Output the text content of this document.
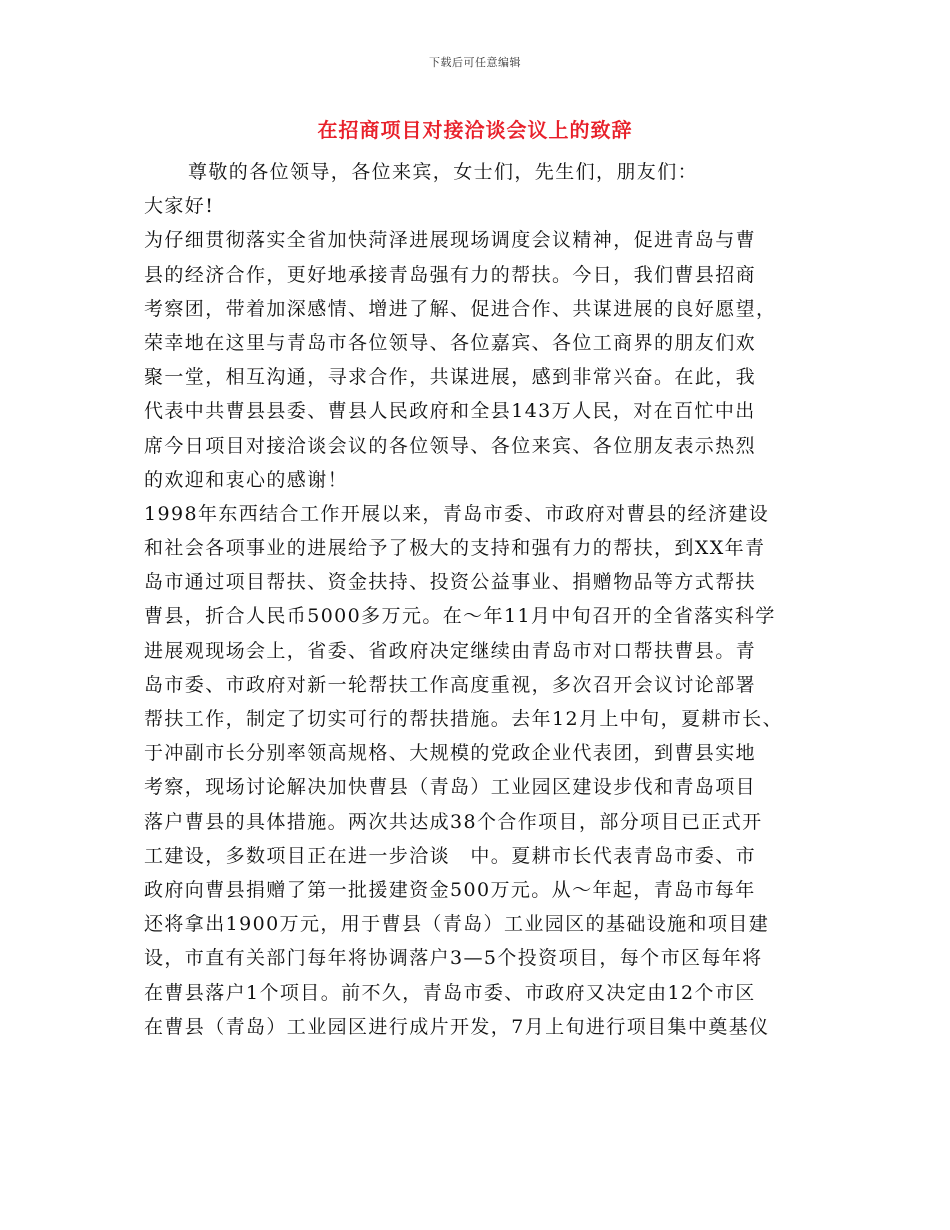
下载后可任意编辑
在招商项目对接洽谈会议上的致辞
尊敬的各位领导，各位来宾，女士们，先生们，朋友们：
大家好!
为仔细贯彻落实全省加快菏泽进展现场调度会议精神，促进青岛与曹
县的经济合作，更好地承接青岛强有力的帮扶。今日，我们曹县招商
考察团，带着加深感情、增进了解、促进合作、共谋进展的良好愿望，
荣幸地在这里与青岛市各位领导、各位嘉宾、各位工商界的朋友们欢
聚一堂，相互沟通，寻求合作，共谋进展，感到非常兴奋。在此，我
代表中共曹县县委、曹县人民政府和全县143万人民，对在百忙中出
席今日项目对接洽谈会议的各位领导、各位来宾、各位朋友表示热烈
的欢迎和衷心的感谢！
1998年东西结合工作开展以来，青岛市委、市政府对曹县的经济建设
和社会各项事业的进展给予了极大的支持和强有力的帮扶，到XX年青
岛市通过项目帮扶、资金扶持、投资公益事业、捐赠物品等方式帮扶
曹县，折合人民币5000多万元。在～年11月中旬召开的全省落实科学
进展观现场会上，省委、省政府决定继续由青岛市对口帮扶曹县。青
岛市委、市政府对新一轮帮扶工作高度重视，多次召开会议讨论部署
帮扶工作，制定了切实可行的帮扶措施。去年12月上中旬，夏耕市长、
于冲副市长分别率领高规格、大规模的党政企业代表团，到曹县实地
考察，现场讨论解决加快曹县（青岛）工业园区建设步伐和青岛项目
落户曹县的具体措施。两次共达成38个合作项目，部分项目已正式开
工建设，多数项目正在进一步洽谈　中。夏耕市长代表青岛市委、市
政府向曹县捐赠了第一批援建资金500万元。从～年起，青岛市每年
还将拿出1900万元，用于曹县（青岛）工业园区的基础设施和项目建
设，市直有关部门每年将协调落户3—5个投资项目，每个市区每年将
在曹县落户1个项目。前不久，青岛市委、市政府又决定由12个市区
在曹县（青岛）工业园区进行成片开发，7月上旬进行项目集中奠基仪
